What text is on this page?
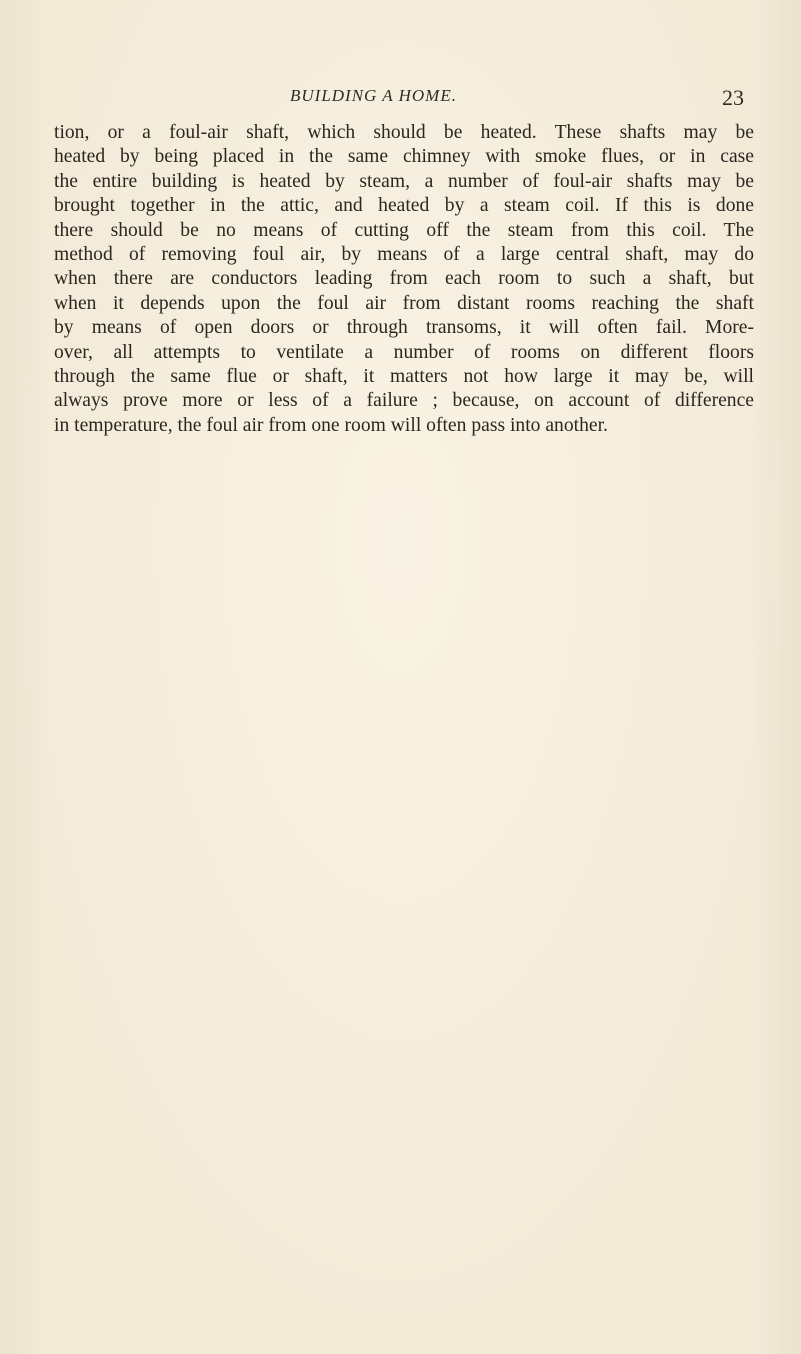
BUILDING A HOME.	23
tion, or a foul-air shaft, which should be heated. These shafts may be
heated by being placed in the same chimney with smoke flues, or in case
the entire building is heated by steam, a number of foul-air shafts may be
brought together in the attic, and heated by a steam coil. If this is done
there should be no means of cutting off the steam from this coil. The
method of removing foul air, by means of a large central shaft, may do
when there are conductors leading from each room to such a shaft, but
when it depends upon the foul air from distant rooms reaching the shaft
by means of open doors or through transoms, it will often fail. More-
over, all attempts to ventilate a number of rooms on different floors
through the same flue or shaft, it matters not how large it may be, will
always prove more or less of a failure ; because, on account of difference
in temperature, the foul air from one room will often pass into another.
